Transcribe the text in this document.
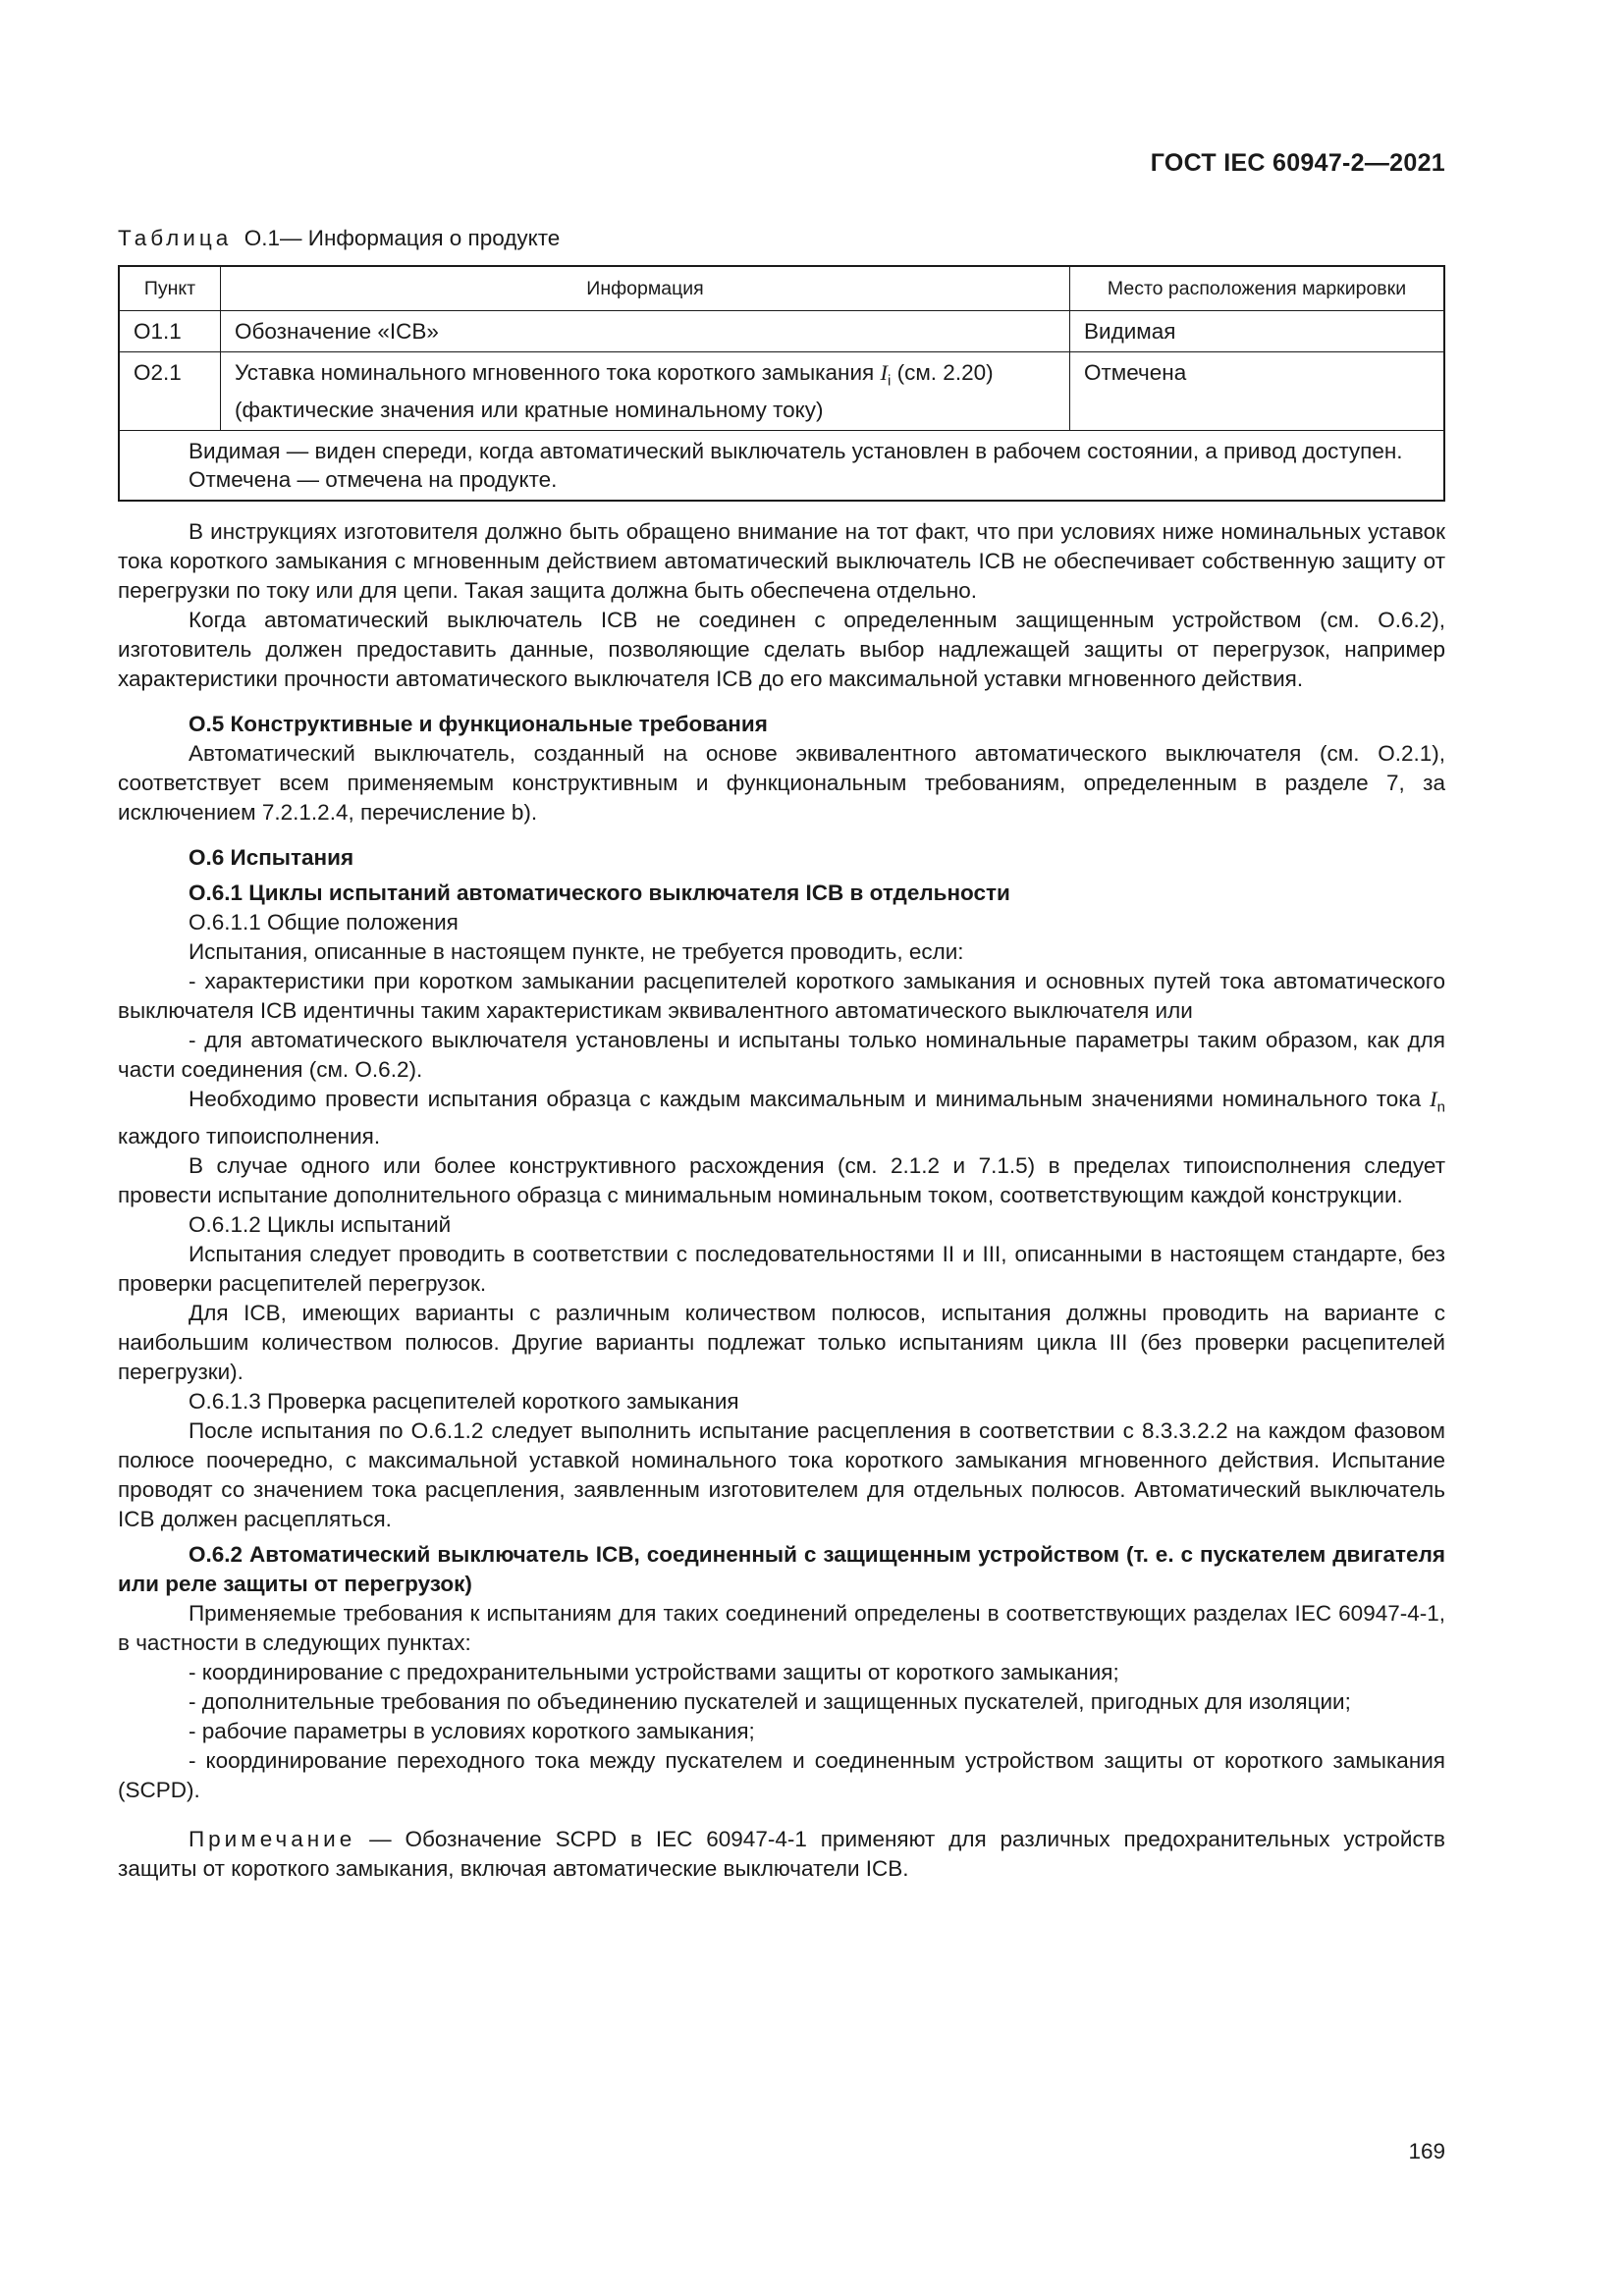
ГОСТ IEC 60947-2—2021

Таблица О.1— Информация о продукте

Пункт	Информация	Место расположения маркировки
О1.1	Обозначение «ICB»	Видимая
О2.1	Уставка номинального мгновенного тока короткого замыкания $I_i$ (см. 2.20) (фактические значения или кратные номинальному току)	Отмечена

Видимая — виден спереди, когда автоматический выключатель установлен в рабочем состоянии, а привод доступен.

Отмечена — отмечена на продукте.		

В инструкциях изготовителя должно быть обращено внимание на тот факт, что при условиях ниже номинальных уставок тока короткого замыкания с мгновенным действием автоматический выключатель ICB не обеспечивает собственную защиту от перегрузки по току или для цепи. Такая защита должна быть обеспечена отдельно.

Когда автоматический выключатель ICB не соединен с определенным защищенным устройством (см. О.6.2), изготовитель должен предоставить данные, позволяющие сделать выбор надлежащей защиты от перегрузок, например характеристики прочности автоматического выключателя ICB до его максимальной уставки мгновенного действия.

О.5 Конструктивные и функциональные требования

Автоматический выключатель, созданный на основе эквивалентного автоматического выключателя (см. О.2.1), соответствует всем применяемым конструктивным и функциональным требованиям, определенным в разделе 7, за исключением 7.2.1.2.4, перечисление b).

О.6 Испытания

О.6.1 Циклы испытаний автоматического выключателя ICB в отдельности

О.6.1.1 Общие положения

Испытания, описанные в настоящем пункте, не требуется проводить, если:

- характеристики при коротком замыкании расцепителей короткого замыкания и основных путей тока автоматического выключателя ICB идентичны таким характеристикам эквивалентного автоматического выключателя или

- для автоматического выключателя установлены и испытаны только номинальные параметры таким образом, как для части соединения (см. О.6.2).

Необходимо провести испытания образца с каждым максимальным и минимальным значениями номинального тока $I_n$ каждого типоисполнения.

В случае одного или более конструктивного расхождения (см. 2.1.2 и 7.1.5) в пределах типоисполнения следует провести испытание дополнительного образца с минимальным номинальным током, соответствующим каждой конструкции.

О.6.1.2 Циклы испытаний

Испытания следует проводить в соответствии с последовательностями II и III, описанными в настоящем стандарте, без проверки расцепителей перегрузок.

Для ICB, имеющих варианты с различным количеством полюсов, испытания должны проводить на варианте с наибольшим количеством полюсов. Другие варианты подлежат только испытаниям цикла III (без проверки расцепителей перегрузки).

О.6.1.3 Проверка расцепителей короткого замыкания

После испытания по О.6.1.2 следует выполнить испытание расцепления в соответствии с 8.3.3.2.2 на каждом фазовом полюсе поочередно, с максимальной уставкой номинального тока короткого замыкания мгновенного действия. Испытание проводят со значением тока расцепления, заявленным изготовителем для отдельных полюсов. Автоматический выключатель ICB должен расцепляться.

О.6.2 Автоматический выключатель ICB, соединенный с защищенным устройством (т. е. с пускателем двигателя или реле защиты от перегрузок)

Применяемые требования к испытаниям для таких соединений определены в соответствующих разделах IEC 60947-4-1, в частности в следующих пунктах:

- координирование с предохранительными устройствами защиты от короткого замыкания;

- дополнительные требования по объединению пускателей и защищенных пускателей, пригодных для изоляции;

- рабочие параметры в условиях короткого замыкания;

- координирование переходного тока между пускателем и соединенным устройством защиты от короткого замыкания (SCPD).

Примечание — Обозначение SCPD в IEC 60947-4-1 применяют для различных предохранительных устройств защиты от короткого замыкания, включая автоматические выключатели ICB.

169
